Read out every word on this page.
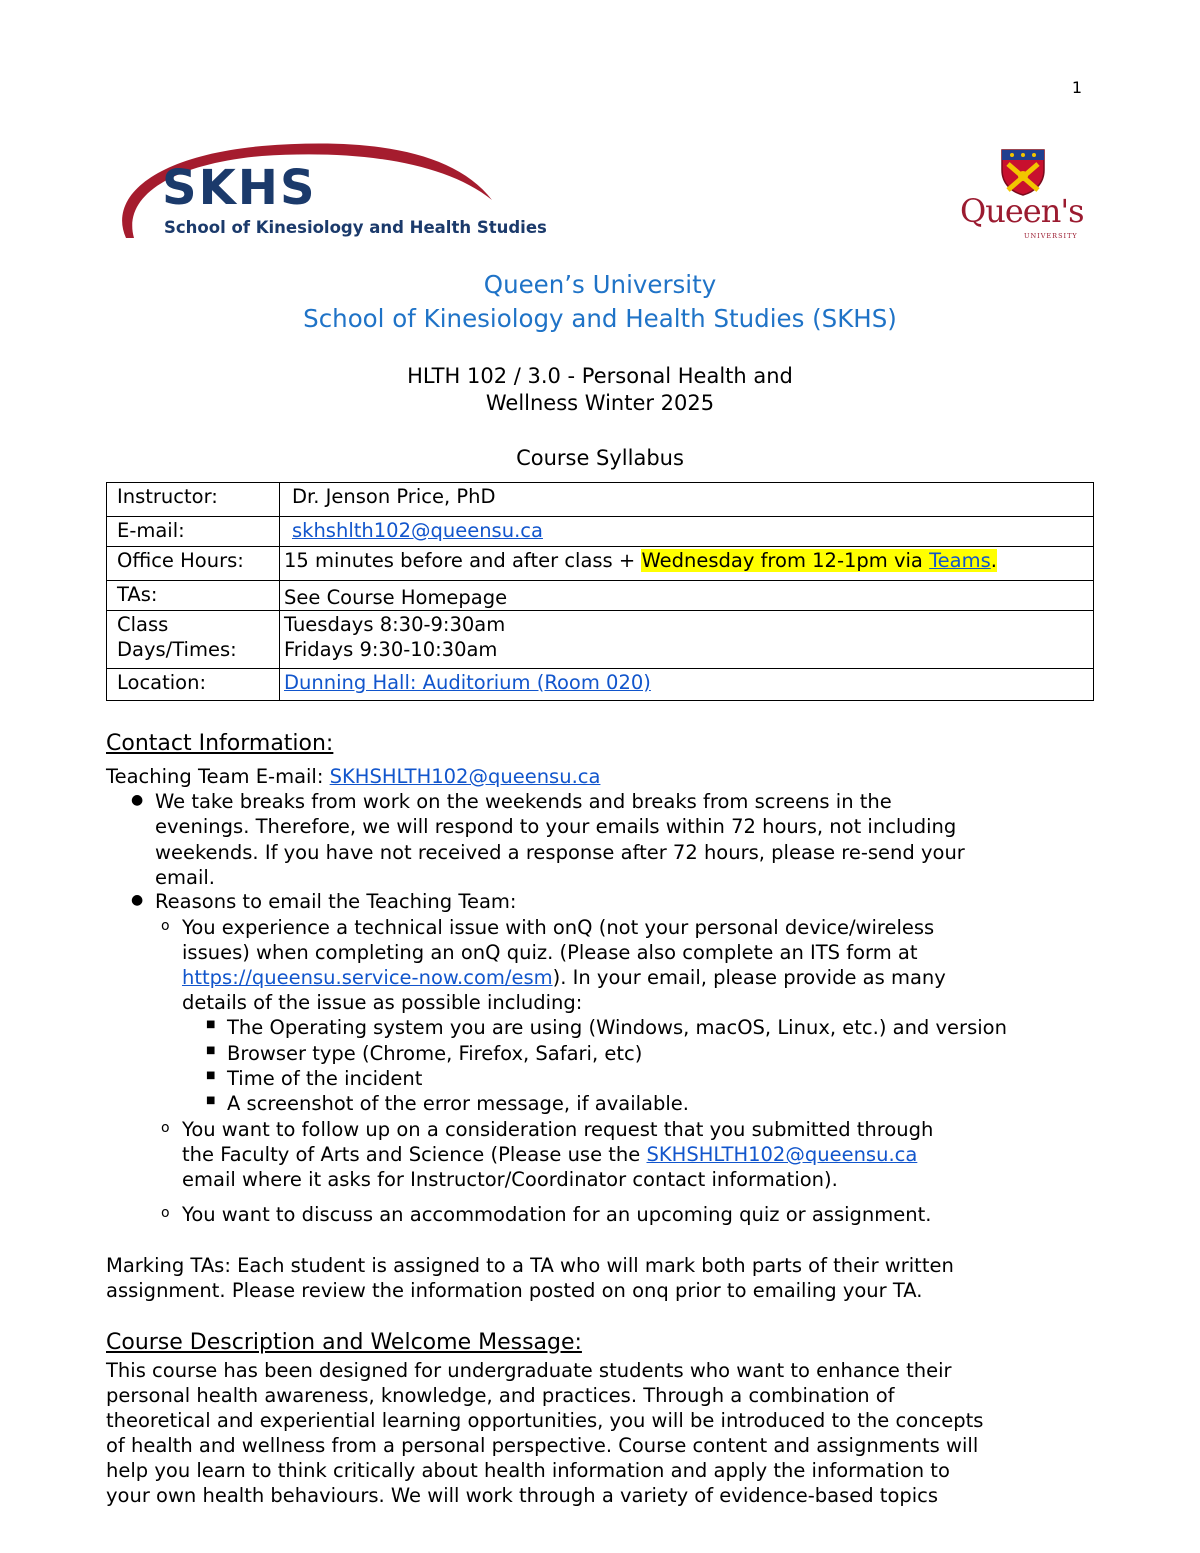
1
SKHS
School of Kinesiology and Health Studies	Queen's
UNIVERSITY
Queen’s University
School of Kinesiology and Health Studies (SKHS)
HLTH 102 / 3.0 - Personal Health and
Wellness Winter 2025
Course Syllabus
Instructor:	Dr. Jenson Price, PhD
E-mail:	skhshlth102@queensu.ca
Office Hours:	15 minutes before and after class + Wednesday from 12-1pm via Teams.
TAs:	See Course Homepage
Class
Days/Times:	Tuesdays 8:30-9:30am
Fridays 9:30-10:30am
Location:	Dunning Hall: Auditorium (Room 020)
Contact Information:
Teaching Team E-mail: SKHSHLTH102@queensu.ca
● We take breaks from work on the weekends and breaks from screens in the
evenings. Therefore, we will respond to your emails within 72 hours, not including
weekends. If you have not received a response after 72 hours, please re-send your
email.
● Reasons to email the Teaching Team:
o You experience a technical issue with onQ (not your personal device/wireless
issues) when completing an onQ quiz. (Please also complete an ITS form at
https://queensu.service-now.com/esm). In your email, please provide as many
details of the issue as possible including:
■ The Operating system you are using (Windows, macOS, Linux, etc.) and version
■ Browser type (Chrome, Firefox, Safari, etc)
■ Time of the incident
■ A screenshot of the error message, if available.
o You want to follow up on a consideration request that you submitted through
the Faculty of Arts and Science (Please use the SKHSHLTH102@queensu.ca
email where it asks for Instructor/Coordinator contact information).
o You want to discuss an accommodation for an upcoming quiz or assignment.
Marking TAs: Each student is assigned to a TA who will mark both parts of their written
assignment. Please review the information posted on onq prior to emailing your TA.
Course Description and Welcome Message:
This course has been designed for undergraduate students who want to enhance their
personal health awareness, knowledge, and practices. Through a combination of
theoretical and experiential learning opportunities, you will be introduced to the concepts
of health and wellness from a personal perspective. Course content and assignments will
help you learn to think critically about health information and apply the information to
your own health behaviours. We will work through a variety of evidence-based topics
